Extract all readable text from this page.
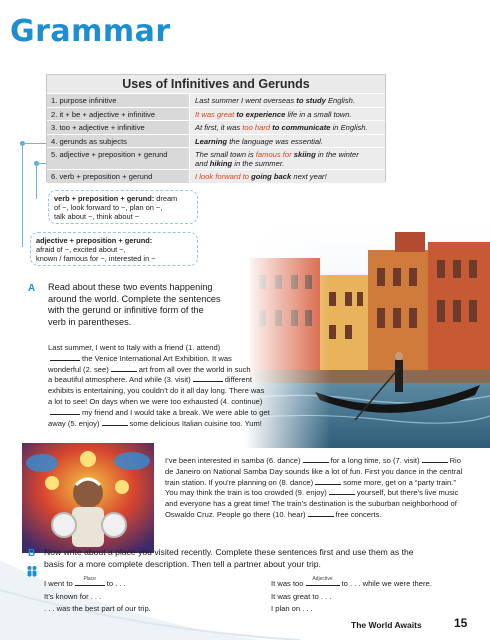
Grammar
Uses of Infinitives and Gerunds
1. purpose infinitive	Last summer I went overseas to study English.
2. it + be + adjective + infinitive	It was great to experience life in a small town.
3. too + adjective + infinitive	At first, it was too hard to communicate in English.
4. gerunds as subjects	Learning the language was essential.
5. adjective + preposition + gerund	The small town is famous for skiing in the winter
and hiking in the summer.
6. verb + preposition + gerund	I look forward to going back next year!
verb + preposition + gerund: dream
of ~, look forward to ~, plan on ~,
talk about ~, think about ~
adjective + preposition + gerund:
afraid of ~, excited about ~,
known / famous for ~, interested in ~
A Read about these two events happening
around the world. Complete the sentences
with the gerund or infinitive form of the
verb in parentheses.
Last summer, I went to Italy with a friend (1. attend)
the Venice International Art Exhibition. It was
wonderful (2. see)	art from all over the world in such
a beautiful atmosphere. And while (3. visit)	different
exhibits is entertaining, you couldn’t do it all day long. There was
a lot to see! On days when we were too exhausted (4. continue)
my friend and I would take a break. We were able to get
away (5. enjoy)	some delicious Italian cuisine too. Yum!
I’ve been interested in samba (6. dance)	for a long time, so (7. visit)	Rio
de Janeiro on National Samba Day sounds like a lot of fun. First you dance in the central
train station. If you’re planning on (8. dance)	some more, get on a “party train.”
You may think the train is too crowded (9. enjoy)	yourself, but there’s live music
and everyone has a great time! The train’s destination is the suburban neighborhood of
Oswaldo Cruz. People go there (10. hear)	free concerts.
B Now write about a place you visited recently. Complete these sentences first and use them as the
basis for a more complete description. Then tell a partner about your trip.
I went to	Place	to . . .
It’s known for . . .
. . . was the best part of our trip.
It was too	Adjective	to . . . while we were there.
It was great to . . .
I plan on . . .
The World Awaits	15
